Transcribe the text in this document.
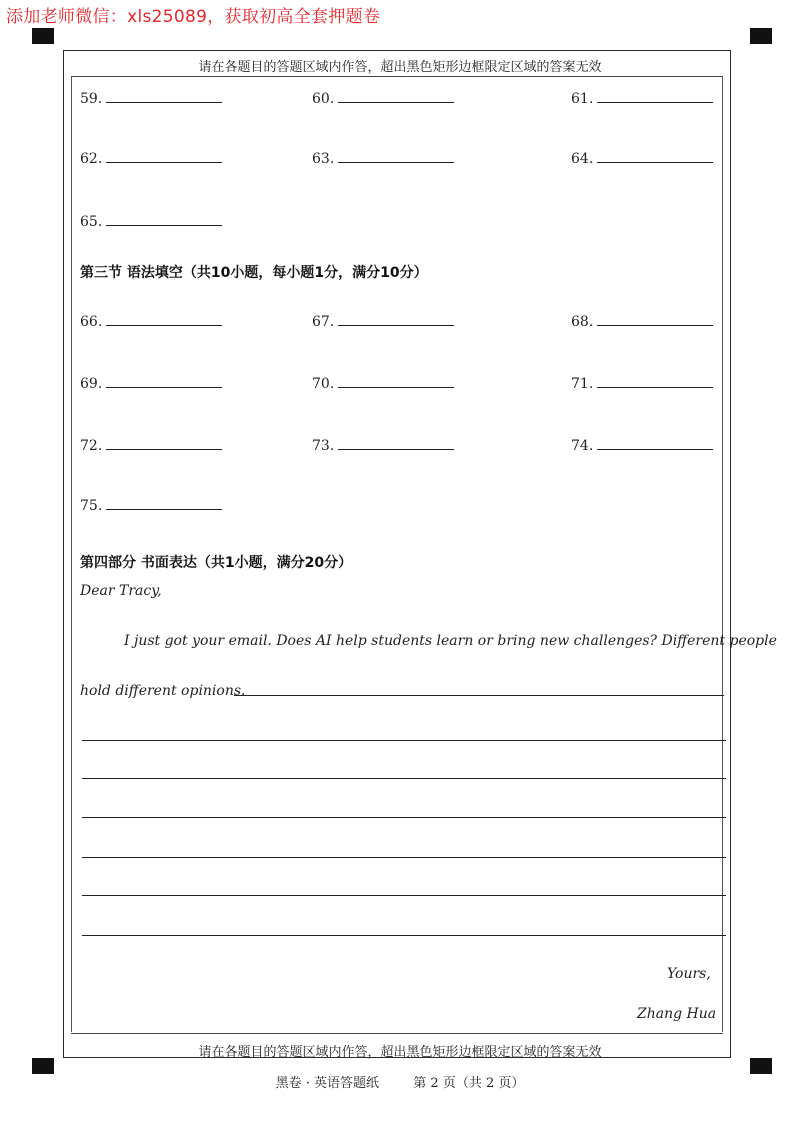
添加老师微信：xls25089，获取初高全套押题卷
请在各题目的答题区域内作答，超出黑色矩形边框限定区域的答案无效
59.	60.	61.
62.	63.	64.
65.
第三节 语法填空（共10小题，每小题1分，满分10分）
66.	67.	68.
69.	70.	71.
72.	73.	74.
75.
第四部分 书面表达（共1小题，满分20分）
Dear Tracy,
I just got your email. Does AI help students learn or bring new challenges? Different people
hold different opinions.
Yours,
Zhang Hua
请在各题目的答题区域内作答，超出黑色矩形边框限定区域的答案无效
黑卷 · 英语答题纸	第 2 页（共 2 页）
